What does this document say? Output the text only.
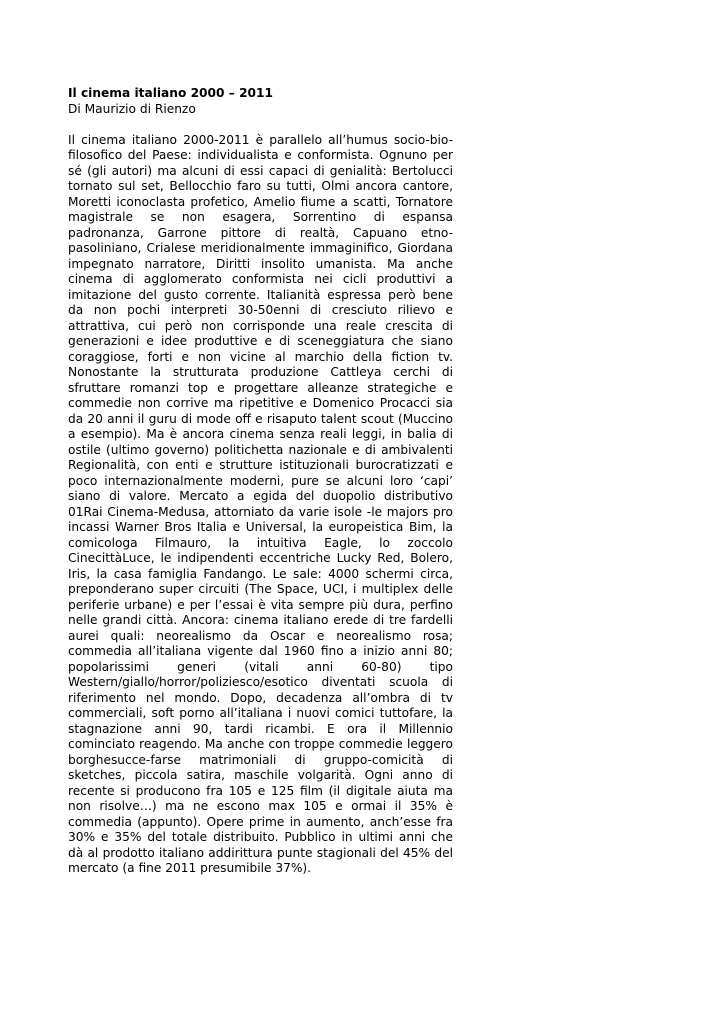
Il cinema italiano 2000 – 2011

Di Maurizio di Rienzo

Il cinema italiano 2000-2011 è parallelo all’humus socio-bio-
filosofico del Paese: individualista e conformista. Ognuno per
sé (gli autori) ma alcuni di essi capaci di genialità: Bertolucci
tornato sul set, Bellocchio faro su tutti, Olmi ancora cantore,
Moretti iconoclasta profetico, Amelio fiume a scatti, Tornatore
magistrale se non esagera, Sorrentino di espansa
padronanza, Garrone pittore di realtà, Capuano etno-
pasoliniano, Crialese meridionalmente immaginifico, Giordana
impegnato narratore, Diritti insolito umanista. Ma anche
cinema di agglomerato conformista nei cicli produttivi a
imitazione del gusto corrente. Italianità espressa però bene
da non pochi interpreti 30-50enni di cresciuto rilievo e
attrattiva, cui però non corrisponde una reale crescita di
generazioni e idee produttive e di sceneggiatura che siano
coraggiose, forti e non vicine al marchio della fiction tv.
Nonostante la strutturata produzione Cattleya cerchi di
sfruttare romanzi top e progettare alleanze strategiche e
commedie non corrive ma ripetitive e Domenico Procacci sia
da 20 anni il guru di mode off e risaputo talent scout (Muccino
a esempio). Ma è ancora cinema senza reali leggi, in balia di
ostile (ultimo governo) politichetta nazionale e di ambivalenti
Regionalità, con enti e strutture istituzionali burocratizzati e
poco internazionalmente moderni, pure se alcuni loro ‘capi’
siano di valore. Mercato a egida del duopolio distributivo
01Rai Cinema-Medusa, attorniato da varie isole -le majors pro
incassi Warner Bros Italia e Universal, la europeistica Bim, la
comicologa Filmauro, la intuitiva Eagle, lo zoccolo
CinecittàLuce, le indipendenti eccentriche Lucky Red, Bolero,
Iris, la casa famiglia Fandango. Le sale: 4000 schermi circa,
preponderano super circuiti (The Space, UCI, i multiplex delle
periferie urbane) e per l’essai è vita sempre più dura, perfino
nelle grandi città. Ancora: cinema italiano erede di tre fardelli
aurei quali: neorealismo da Oscar e neorealismo rosa;
commedia all’italiana vigente dal 1960 fino a inizio anni 80;
popolarissimi generi (vitali anni 60-80) tipo
Western/giallo/horror/poliziesco/esotico diventati scuola di
riferimento nel mondo. Dopo, decadenza all’ombra di tv
commerciali, soft porno all’italiana i nuovi comici tuttofare, la
stagnazione anni 90, tardi ricambi. E ora il Millennio
cominciato reagendo. Ma anche con troppe commedie leggero
borghesucce-farse matrimoniali di gruppo-comicità di
sketches, piccola satira, maschile volgarità. Ogni anno di
recente si producono fra 105 e 125 film (il digitale aiuta ma
non risolve…) ma ne escono max 105 e ormai il 35% è
commedia (appunto). Opere prime in aumento, anch’esse fra
30% e 35% del totale distribuito. Pubblico in ultimi anni che
dà al prodotto italiano addirittura punte stagionali del 45% del
mercato (a fine 2011 presumibile 37%).
